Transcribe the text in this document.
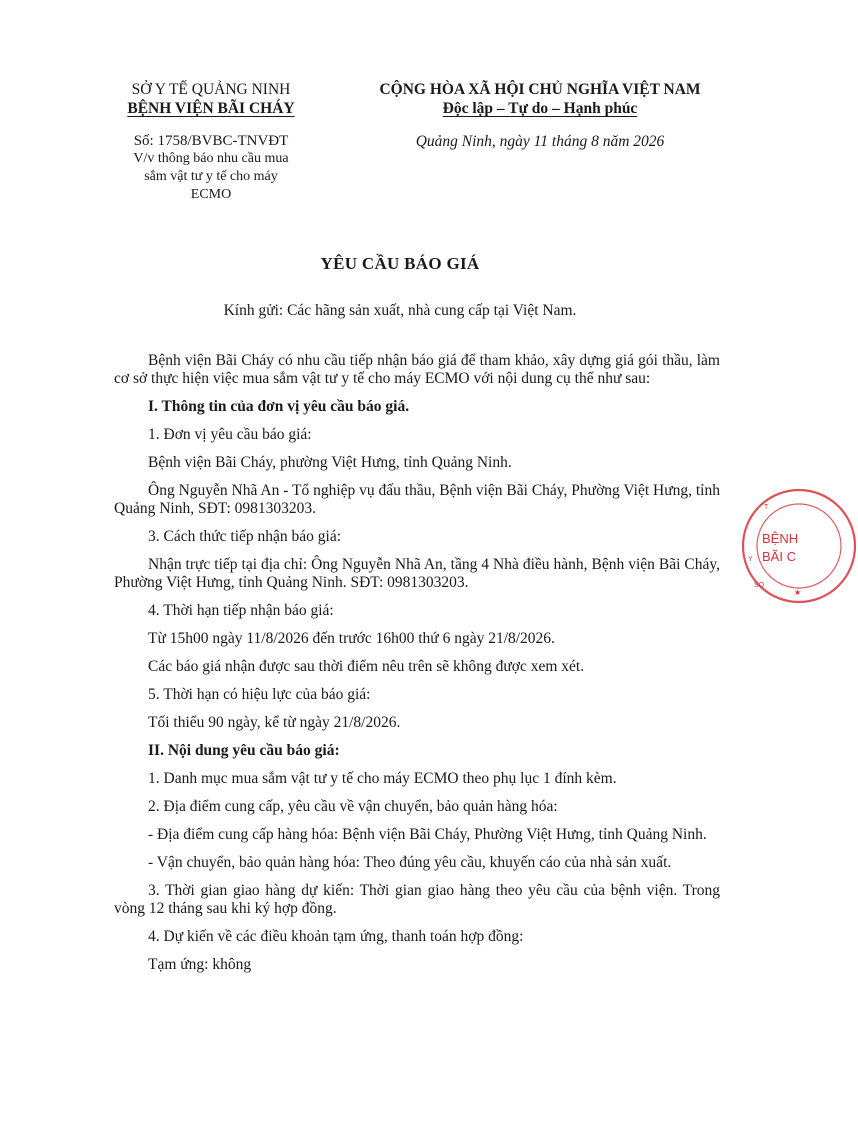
SỞ Y TẾ QUẢNG NINH
BỆNH VIỆN BÃI CHÁY
Số: 1758/BVBC-TNVĐT
V/v thông báo nhu cầu mua
sắm vật tư y tế cho máy
ECMO
CỘNG HÒA XÃ HỘI CHỦ NGHĨA VIỆT NAM
Độc lập – Tự do – Hạnh phúc
Quảng Ninh, ngày 11 tháng 8 năm 2026
YÊU CẦU BÁO GIÁ
Kính gửi: Các hãng sản xuất, nhà cung cấp tại Việt Nam.

Bệnh viện Bãi Cháy có nhu cầu tiếp nhận báo giá để tham khảo, xây dựng giá gói thầu, làm cơ sở thực hiện việc mua sắm vật tư y tế cho máy ECMO với nội dung cụ thể như sau:

I. Thông tin của đơn vị yêu cầu báo giá.

1. Đơn vị yêu cầu báo giá:

Bệnh viện Bãi Cháy, phường Việt Hưng, tỉnh Quảng Ninh.

Ông Nguyễn Nhã An - Tổ nghiệp vụ đấu thầu, Bệnh viện Bãi Cháy, Phường Việt Hưng, tỉnh Quảng Ninh, SĐT: 0981303203.

3. Cách thức tiếp nhận báo giá:

Nhận trực tiếp tại địa chỉ: Ông Nguyễn Nhã An, tầng 4 Nhà điều hành, Bệnh viện Bãi Cháy, Phường Việt Hưng, tỉnh Quảng Ninh. SĐT: 0981303203.

4. Thời hạn tiếp nhận báo giá:

Từ 15h00 ngày 11/8/2026 đến trước 16h00 thứ 6 ngày 21/8/2026.

Các báo giá nhận được sau thời điểm nêu trên sẽ không được xem xét.

5. Thời hạn có hiệu lực của báo giá:

Tối thiểu 90 ngày, kể từ ngày 21/8/2026.

II. Nội dung yêu cầu báo giá:

1. Danh mục mua sắm vật tư y tế cho máy ECMO theo phụ lục 1 đính kèm.

2. Địa điểm cung cấp, yêu cầu về vận chuyển, bảo quản hàng hóa:

- Địa điểm cung cấp hàng hóa: Bệnh viện Bãi Cháy, Phường Việt Hưng, tỉnh Quảng Ninh.

- Vận chuyển, bảo quản hàng hóa: Theo đúng yêu cầu, khuyến cáo của nhà sản xuất.

3. Thời gian giao hàng dự kiến: Thời gian giao hàng theo yêu cầu của bệnh viện. Trong vòng 12 tháng sau khi ký hợp đồng.

4. Dự kiến về các điều khoản tạm ứng, thanh toán hợp đồng:

Tạm ứng: không

T
Y
SO
★
BỆNH
BÃI C
